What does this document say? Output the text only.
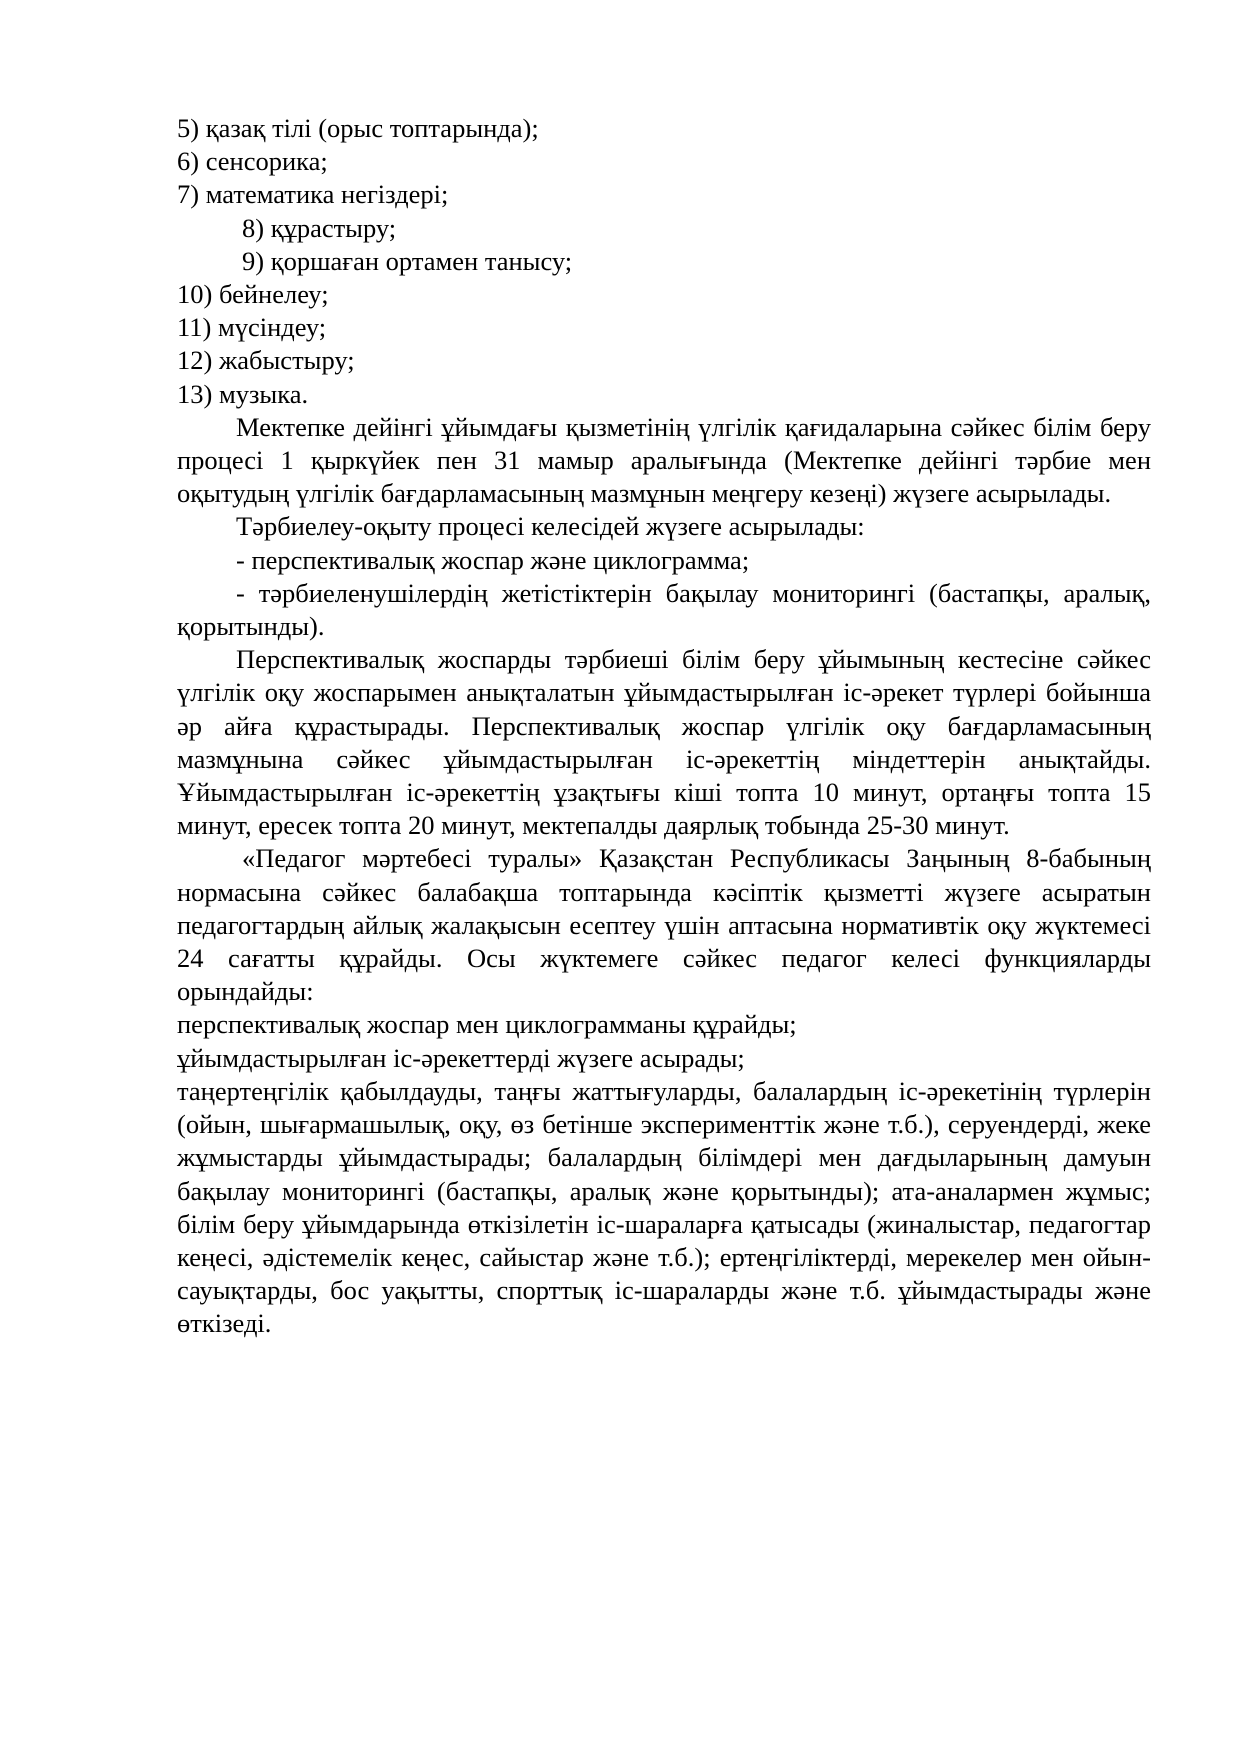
5) қазақ тілі (орыс топтарында);

6) сенсорика;

7) математика негіздері;

8) құрастыру;

9) қоршаған ортамен танысу;

10) бейнелеу;

11) мүсіндеу;

12) жабыстыру;

13) музыка.

Мектепке дейінгі ұйымдағы қызметінің үлгілік қағидаларына сәйкес білім беру процесі 1 қыркүйек пен 31 мамыр аралығында (Мектепке дейінгі тәрбие мен оқытудың үлгілік бағдарламасының мазмұнын меңгеру кезеңі) жүзеге асырылады.

Тәрбиелеу-оқыту процесі келесідей жүзеге асырылады:

- перспективалық жоспар және циклограмма;

- тәрбиеленушілердің жетістіктерін бақылау мониторингі (бастапқы, аралық, қорытынды).

Перспективалық жоспарды тәрбиеші білім беру ұйымының кестесіне сәйкес үлгілік оқу жоспарымен анықталатын ұйымдастырылған іс-әрекет түрлері бойынша әр айға құрастырады. Перспективалық жоспар үлгілік оқу бағдарламасының мазмұнына сәйкес ұйымдастырылған іс-әрекеттің міндеттерін анықтайды. Ұйымдастырылған іс-әрекеттің ұзақтығы кіші топта 10 минут, ортаңғы топта 15 минут, ересек топта 20 минут, мектепалды даярлық тобында 25-30 минут.

«Педагог мәртебесі туралы» Қазақстан Республикасы Заңының 8-бабының нормасына сәйкес балабақша топтарында кәсіптік қызметті жүзеге асыратын педагогтардың айлық жалақысын есептеу үшін аптасына нормативтік оқу жүктемесі 24 сағатты құрайды. Осы жүктемеге сәйкес педагог келесі функцияларды орындайды:

перспективалық жоспар мен циклограмманы құрайды;

ұйымдастырылған іс-әрекеттерді жүзеге асырады;

таңертеңгілік қабылдауды, таңғы жаттығуларды, балалардың іс-әрекетінің түрлерін (ойын, шығармашылық, оқу, өз бетінше эксперименттік және т.б.), серуендерді, жеке жұмыстарды ұйымдастырады; балалардың білімдері мен дағдыларының дамуын бақылау мониторингі (бастапқы, аралық және қорытынды); ата-аналармен жұмыс; білім беру ұйымдарында өткізілетін іс-шараларға қатысады (жиналыстар, педагогтар кеңесі, әдістемелік кеңес, сайыстар және т.б.); ертеңгіліктерді, мерекелер мен ойын-сауықтарды, бос уақытты, спорттық іс-шараларды және т.б. ұйымдастырады және өткізеді.
